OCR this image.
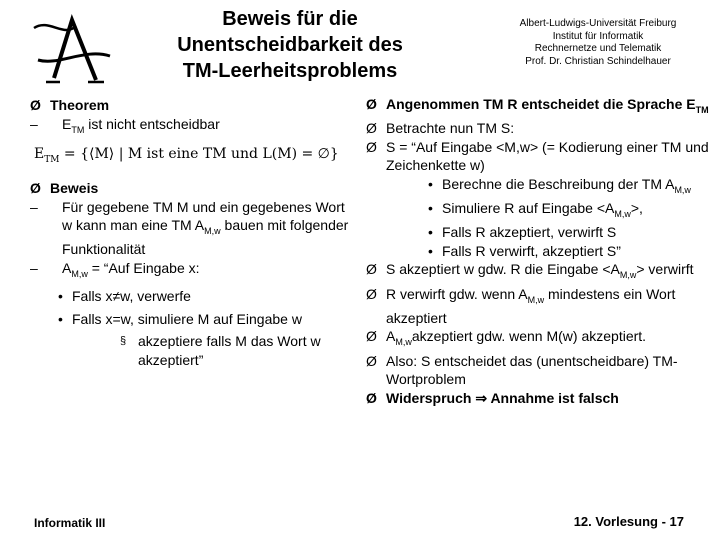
Beweis für die
Unentscheidbarkeit des
TM-Leerheitsproblems
Albert-Ludwigs-Universität Freiburg
Institut für Informatik
Rechnernetze und Telematik
Prof. Dr. Christian Schindelhauer
Ø Theorem
– $E_{TM}$ ist nicht entscheidbar
$E_{TM}$ = {⟨M⟩ | M ist eine TM und L(M) = ∅}
Ø Beweis
– Für gegebene TM M und ein gegebenes Wort w kann man eine TM $A_{M,w}$ bauen mit folgender Funktionalität
– $A_{M,w}$ = “Auf Eingabe x:
• Falls x≠w, verwerfe
• Falls x=w, simuliere M auf Eingabe w
§ akzeptiere falls M das Wort w akzeptiert”
Ø Angenommen TM R entscheidet die Sprache $E_{TM}$
Ø Betrachte nun TM S:
Ø S = “Auf Eingabe <M,w> (= Kodierung einer TM und Zeichenkette w)
• Berechne die Beschreibung der TM $A_{M,w}$
• Simuliere R auf Eingabe $<A_{M,w}>$,
• Falls R akzeptiert, verwirft S
• Falls R verwirft, akzeptiert S”
Ø S akzeptiert w gdw. R die Eingabe $<A_{M,w}>$ verwirft
Ø R verwirft gdw. wenn $A_{M,w}$ mindestens ein Wort akzeptiert
Ø $A_{M,w}akzeptiert$ gdw. wenn M(w) akzeptiert.
Ø Also: S entscheidet das (unentscheidbare) TM-Wortproblem
Ø Widerspruch ⇒ Annahme ist falsch
Informatik III	12. Vorlesung - 17
